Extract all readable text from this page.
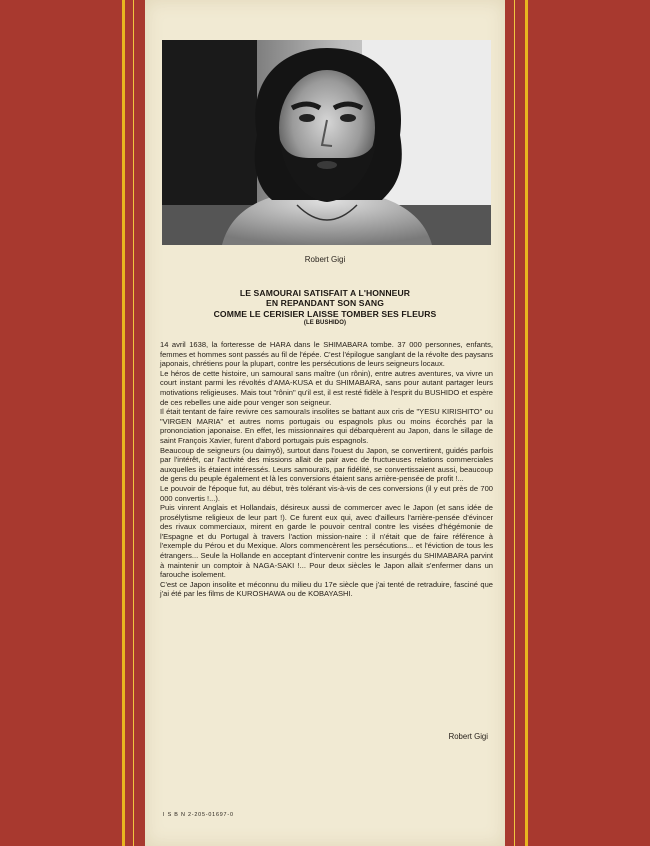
Robert Gigi
LE SAMOURAI SATISFAIT A L'HONNEUR
EN REPANDANT SON SANG
COMME LE CERISIER LAISSE TOMBER SES FLEURS
(LE BUSHIDO)

14 avril 1638, la forteresse de HARA dans le SHIMABARA tombe. 37 000 personnes, enfants, femmes et hommes sont passés au fil de l'épée. C'est l'épilogue sanglant de la révolte des paysans japonais, chrétiens pour la plupart, contre les persécutions de leurs seigneurs locaux.

Le héros de cette histoire, un samouraï sans maître (un rônin), entre autres aventures, va vivre un court instant parmi les révoltés d'AMA-KUSA et du SHIMABARA, sans pour autant partager leurs motivations religieuses. Mais tout "rônin" qu'il est, il est resté fidèle à l'esprit du BUSHIDO et espère de ces rebelles une aide pour venger son seigneur.

Il était tentant de faire revivre ces samouraïs insolites se battant aux cris de "YESU KIRISHITO" ou "VIRGEN MARIA" et autres noms portugais ou espagnols plus ou moins écorchés par la prononciation japonaise. En effet, les missionnaires qui débarquèrent au Japon, dans le sillage de saint François Xavier, furent d'abord portugais puis espagnols.

Beaucoup de seigneurs (ou daimyô), surtout dans l'ouest du Japon, se convertirent, guidés parfois par l'intérêt, car l'activité des missions allait de pair avec de fructueuses relations commerciales auxquelles ils étaient intéressés. Leurs samouraïs, par fidélité, se convertissaient aussi, beaucoup de gens du peuple également et là les conversions étaient sans arrière-pensée de profit !...

Le pouvoir de l'époque fut, au début, très tolérant vis-à-vis de ces conversions (il y eut près de 700 000 convertis !...).

Puis vinrent Anglais et Hollandais, désireux aussi de commercer avec le Japon (et sans idée de prosélytisme religieux de leur part !). Ce furent eux qui, avec d'ailleurs l'arrière-pensée d'évincer des rivaux commerciaux, mirent en garde le pouvoir central contre les visées d'hégémonie de l'Espagne et du Portugal à travers l'action mission-naire : il n'était que de faire référence à l'exemple du Pérou et du Mexique. Alors commencèrent les persécutions... et l'éviction de tous les étrangers... Seule la Hollande en acceptant d'intervenir contre les insurgés du SHIMABARA parvint à maintenir un comptoir à NAGA-SAKI !... Pour deux siècles le Japon allait s'enfermer dans un farouche isolement.

C'est ce Japon insolite et méconnu du milieu du 17e siècle que j'ai tenté de retraduire, fasciné que j'ai été par les films de KUROSHAWA ou de KOBAYASHI.

Robert Gigi
I S B N 2-205-01697-0
